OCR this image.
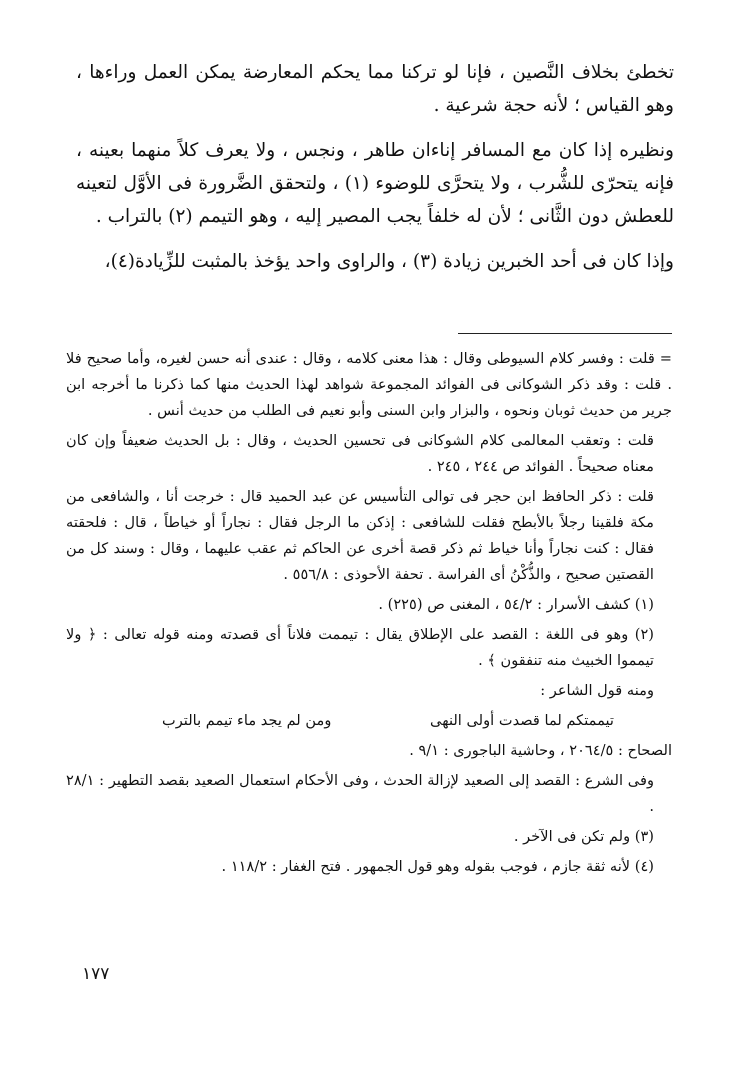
تخطئ بخلاف النَّصين ، فإنا لو تركنا مما يحكم المعارضة يمكن العمل وراءها ، وهو القياس ؛ لأنه حجة شرعية .

ونظيره إذا كان مع المسافر إناءان طاهر ، ونجس ، ولا يعرف كلاً منهما بعينه ، فإنه يتحرّى للشُّرب ، ولا يتحرَّى للوضوء (١) ، ولتحقق الضَّرورة فى الأوَّل لتعينه للعطش دون الثَّانى ؛ لأن له خلفاً يجب المصير إليه ، وهو التيمم (٢) بالتراب .

وإذا كان فى أحد الخبرين زيادة (٣) ، والراوى واحد يؤخذ بالمثبت للزِّيادة(٤)،

= قلت : وفسر كلام السيوطى وقال : هذا معنى كلامه ، وقال : عندى أنه حسن لغيره، وأما صحيح فلا . قلت : وقد ذكر الشوكانى فى الفوائد المجموعة شواهد لهذا الحديث منها كما ذكرنا ما أخرجه ابن جرير من حديث ثوبان ونحوه ، والبزار وابن السنى وأبو نعيم فى الطلب من حديث أنس .

قلت : وتعقب المعالمى كلام الشوكانى فى تحسين الحديث ، وقال : بل الحديث ضعيفاً وإن كان معناه صحيحاً . الفوائد ص ٢٤٤ ، ٢٤٥ .

قلت : ذكر الحافظ ابن حجر فى توالى التأسيس عن عبد الحميد قال : خرجت أنا ، والشافعى من مكة فلقينا رجلاً بالأبطح فقلت للشافعى : إذكن ما الرجل فقال : نجاراً أو خياطاً ، قال : فلحقته فقال : كنت نجاراً وأنا خياط ثم ذكر قصة أخرى عن الحاكم ثم عقب عليهما ، وقال : وسند كل من القصتين صحيح ، والذُّكْنُ أى الفراسة . تحفة الأحوذى : ٥٥٦/٨ .

(١) كشف الأسرار : ٥٤/٢ ، المغنى ص (٢٢٥) .

(٢) وهو فى اللغة : القصد على الإطلاق يقال : تيممت فلاناً أى قصدته ومنه قوله تعالى : ﴿ ولا تيمموا الخبيث منه تنفقون ﴾ .

ومنه قول الشاعر :

تيممتكم لما قصدت أولى النهى
ومن لم يجد ماء تيمم بالترب

الصحاح : ٢٠٦٤/٥ ، وحاشية الباجورى : ٩/١ .

وفى الشرع : القصد إلى الصعيد لإزالة الحدث ، وفى الأحكام استعمال الصعيد بقصد التطهير : ٢٨/١ .

(٣) ولم تكن فى الآخر .

(٤) لأنه ثقة جازم ، فوجب بقوله وهو قول الجمهور . فتح الغفار : ١١٨/٢ .

١٧٧
